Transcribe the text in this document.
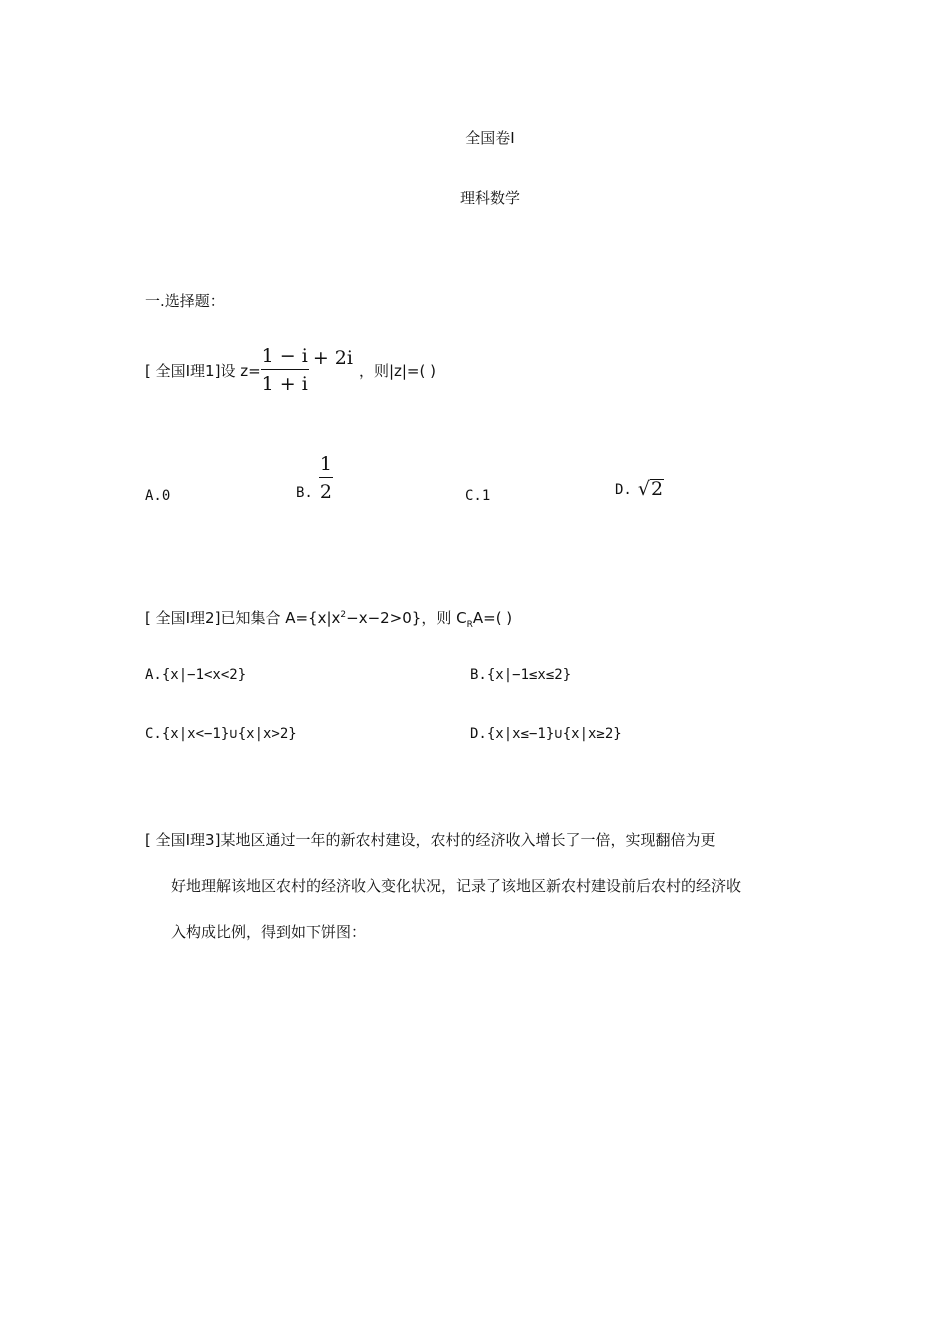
全国卷Ⅰ
理科数学
一.选择题：
[ 全国Ⅰ理1]设 $z= \frac{1 - i}{1 + i} + 2i$
，则|z|=( )
A.0	B. $\frac{1}{2}$	C.1	D. √ 2
[ 全国Ⅰ理2]已知集合 $A=\{x|x^2-x-2>0\}$，则 $C_RA=$( )
A.{x|−1<x<2}	B.{x|−1≤x≤2}
C.{x|x<−1}∪{x|x>2}	D.{x|x≤−1}∪{x|x≥2}
[ 全国Ⅰ理3]某地区通过一年的新农村建设，农村的经济收入增长了一倍，实现翻倍为更
好地理解该地区农村的经济收入变化状况，记录了该地区新农村建设前后农村的经济收
入构成比例，得到如下饼图：
